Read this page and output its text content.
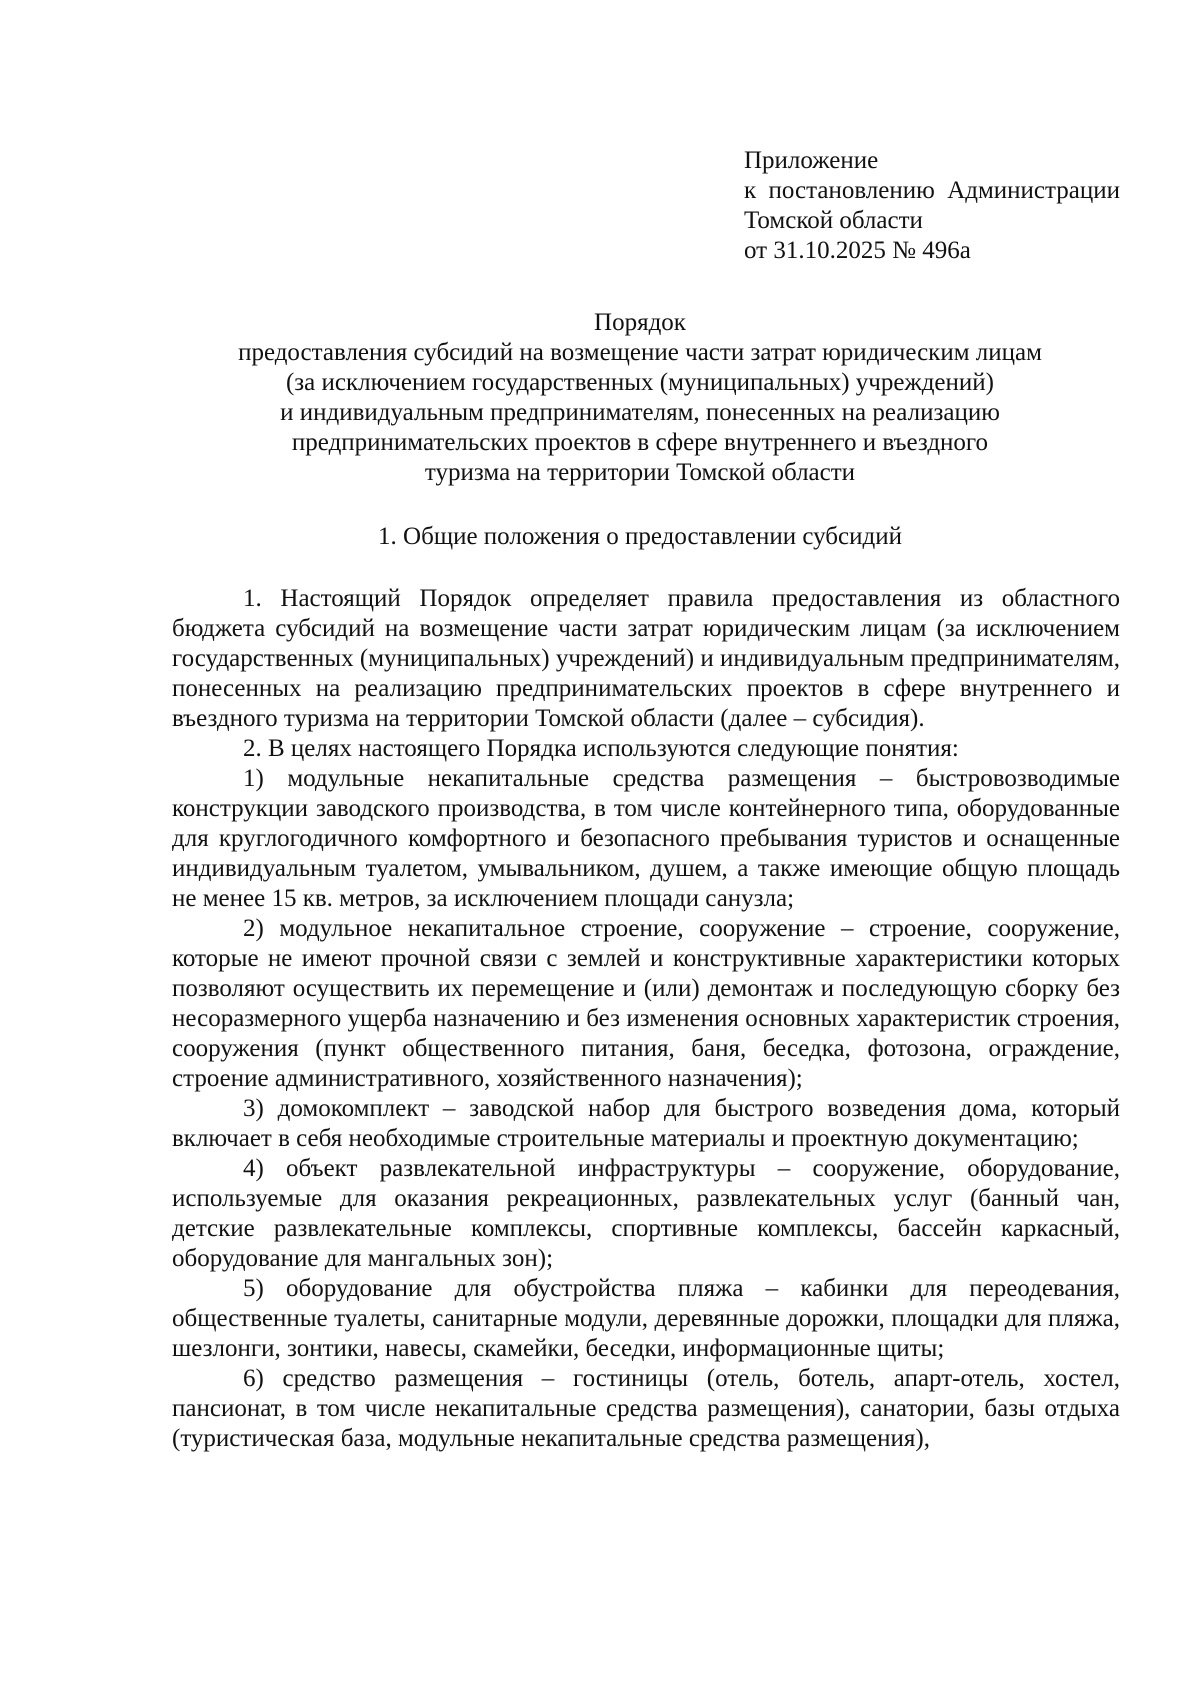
Приложение
к постановлению Администрации
Томской области
от 31.10.2025 № 496а
Порядок
предоставления субсидий на возмещение части затрат юридическим лицам
(за исключением государственных (муниципальных) учреждений)
и индивидуальным предпринимателям, понесенных на реализацию
предпринимательских проектов в сфере внутреннего и въездного
туризма на территории Томской области
1. Общие положения о предоставлении субсидий

1. Настоящий Порядок определяет правила предоставления из областного бюджета субсидий на возмещение части затрат юридическим лицам (за исключением государственных (муниципальных) учреждений) и индивидуальным предпринимателям, понесенных на реализацию предпринимательских проектов в сфере внутреннего и въездного туризма на территории Томской области (далее – субсидия).

2. В целях настоящего Порядка используются следующие понятия:

1) модульные некапитальные средства размещения – быстровозводимые конструкции заводского производства, в том числе контейнерного типа, оборудованные для круглогодичного комфортного и безопасного пребывания туристов и оснащенные индивидуальным туалетом, умывальником, душем, а также имеющие общую площадь не менее 15 кв. метров, за исключением площади санузла;

2) модульное некапитальное строение, сооружение – строение, сооружение, которые не имеют прочной связи с землей и конструктивные характеристики которых позволяют осуществить их перемещение и (или) демонтаж и последующую сборку без несоразмерного ущерба назначению и без изменения основных характеристик строения, сооружения (пункт общественного питания, баня, беседка, фотозона, ограждение, строение административного, хозяйственного назначения);

3) домокомплект – заводской набор для быстрого возведения дома, который включает в себя необходимые строительные материалы и проектную документацию;

4) объект развлекательной инфраструктуры – сооружение, оборудование, используемые для оказания рекреационных, развлекательных услуг (банный чан, детские развлекательные комплексы, спортивные комплексы, бассейн каркасный, оборудование для мангальных зон);

5) оборудование для обустройства пляжа – кабинки для переодевания, общественные туалеты, санитарные модули, деревянные дорожки, площадки для пляжа, шезлонги, зонтики, навесы, скамейки, беседки, информационные щиты;

6) средство размещения – гостиницы (отель, ботель, апарт-отель, хостел, пансионат, в том числе некапитальные средства размещения), санатории, базы отдыха (туристическая база, модульные некапитальные средства размещения),
